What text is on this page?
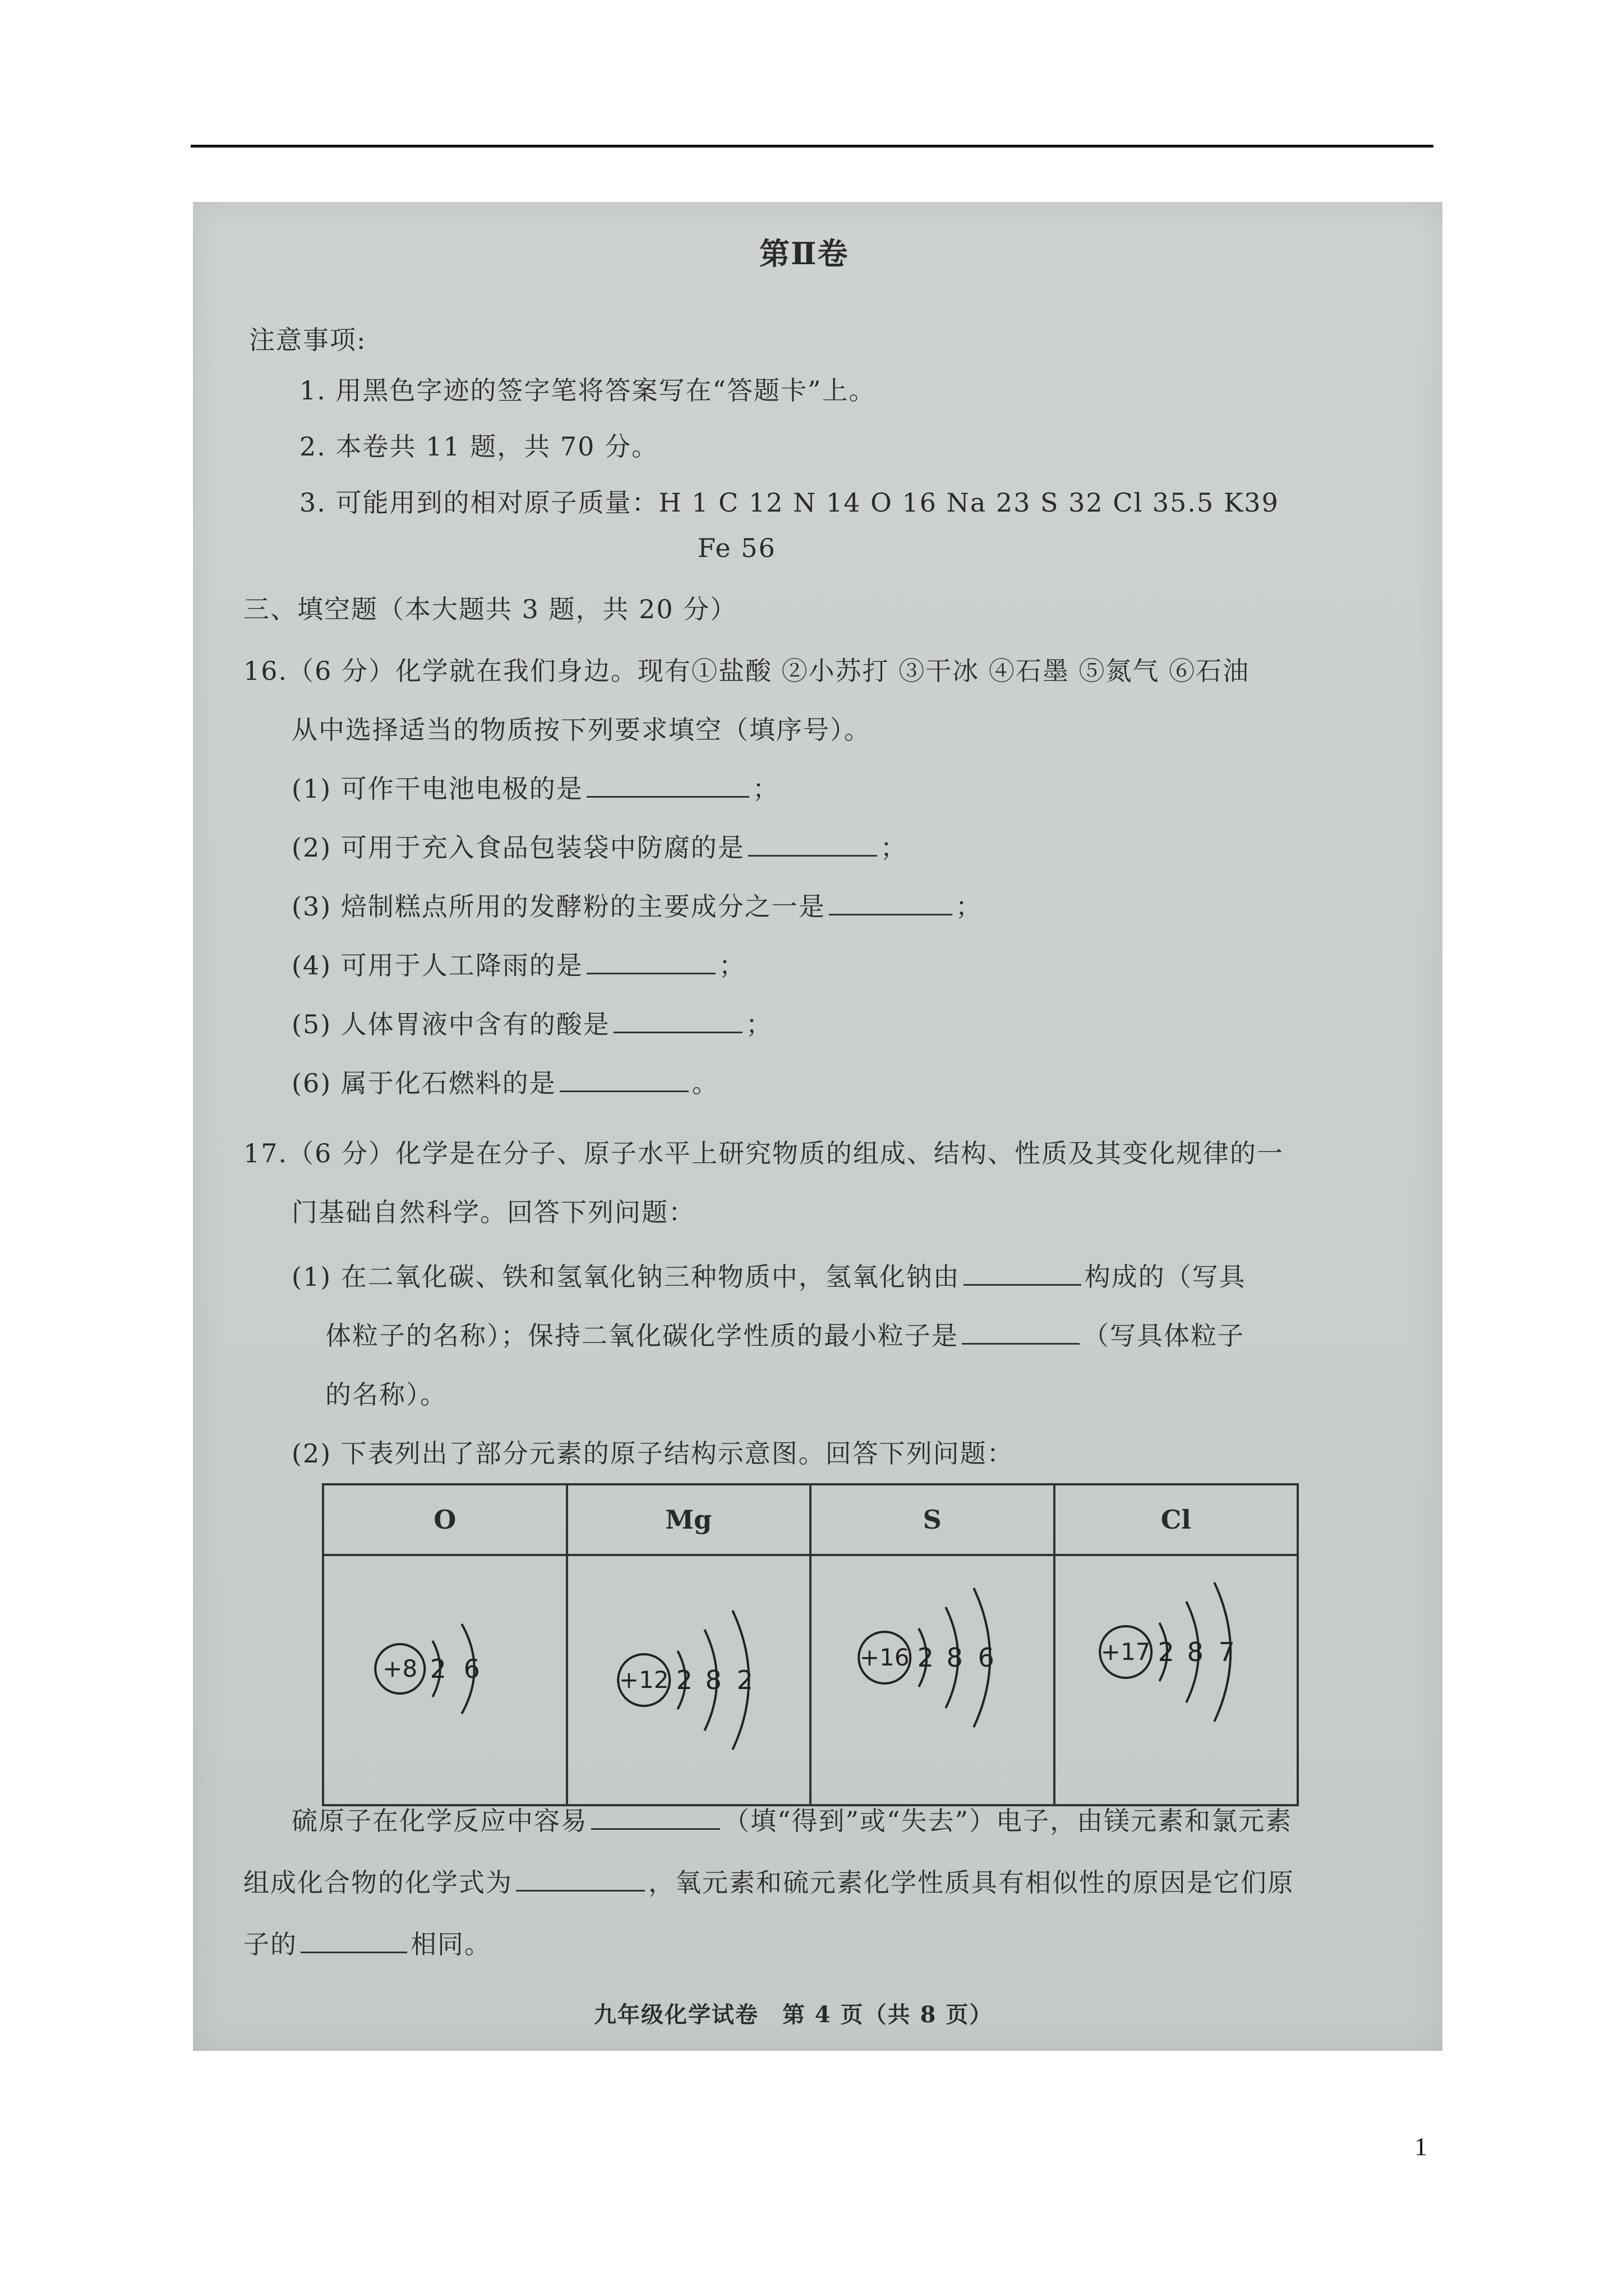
第Ⅱ卷
注意事项:
1. 用黑色字迹的签字笔将答案写在“答题卡”上。
2. 本卷共 11 题，共 70 分。
3. 可能用到的相对原子质量：H 1 C 12 N 14 O 16 Na 23 S 32 Cl 35.5 K39
Fe 56
三、填空题（本大题共 3 题，共 20 分）
16.（6 分）化学就在我们身边。现有①盐酸 ②小苏打 ③干冰 ④石墨 ⑤氮气 ⑥石油
从中选择适当的物质按下列要求填空（填序号）。
(1) 可作干电池电极的是	；
(2) 可用于充入食品包装袋中防腐的是	；
(3) 焙制糕点所用的发酵粉的主要成分之一是	；
(4) 可用于人工降雨的是	；
(5) 人体胃液中含有的酸是	；
(6) 属于化石燃料的是	。
17.（6 分）化学是在分子、原子水平上研究物质的组成、结构、性质及其变化规律的一
门基础自然科学。回答下列问题：
(1) 在二氧化碳、铁和氢氧化钠三种物质中，氢氧化钠由	构成的（写具
体粒子的名称）；保持二氧化碳化学性质的最小粒子是	（写具体粒子
的名称）。
(2) 下表列出了部分元素的原子结构示意图。回答下列问题：
硫原子在化学反应中容易	（填“得到”或“失去”）电子，由镁元素和氯元素
组成化合物的化学式为	，氧元素和硫元素化学性质具有相似性的原因是它们原
子的	相同。
九年级化学试卷　第 4 页（共 8 页）
O	Mg	S	Cl

+8 2 6	+12 2 8 2	+16 2 8 6	+17 2 8 7
1
